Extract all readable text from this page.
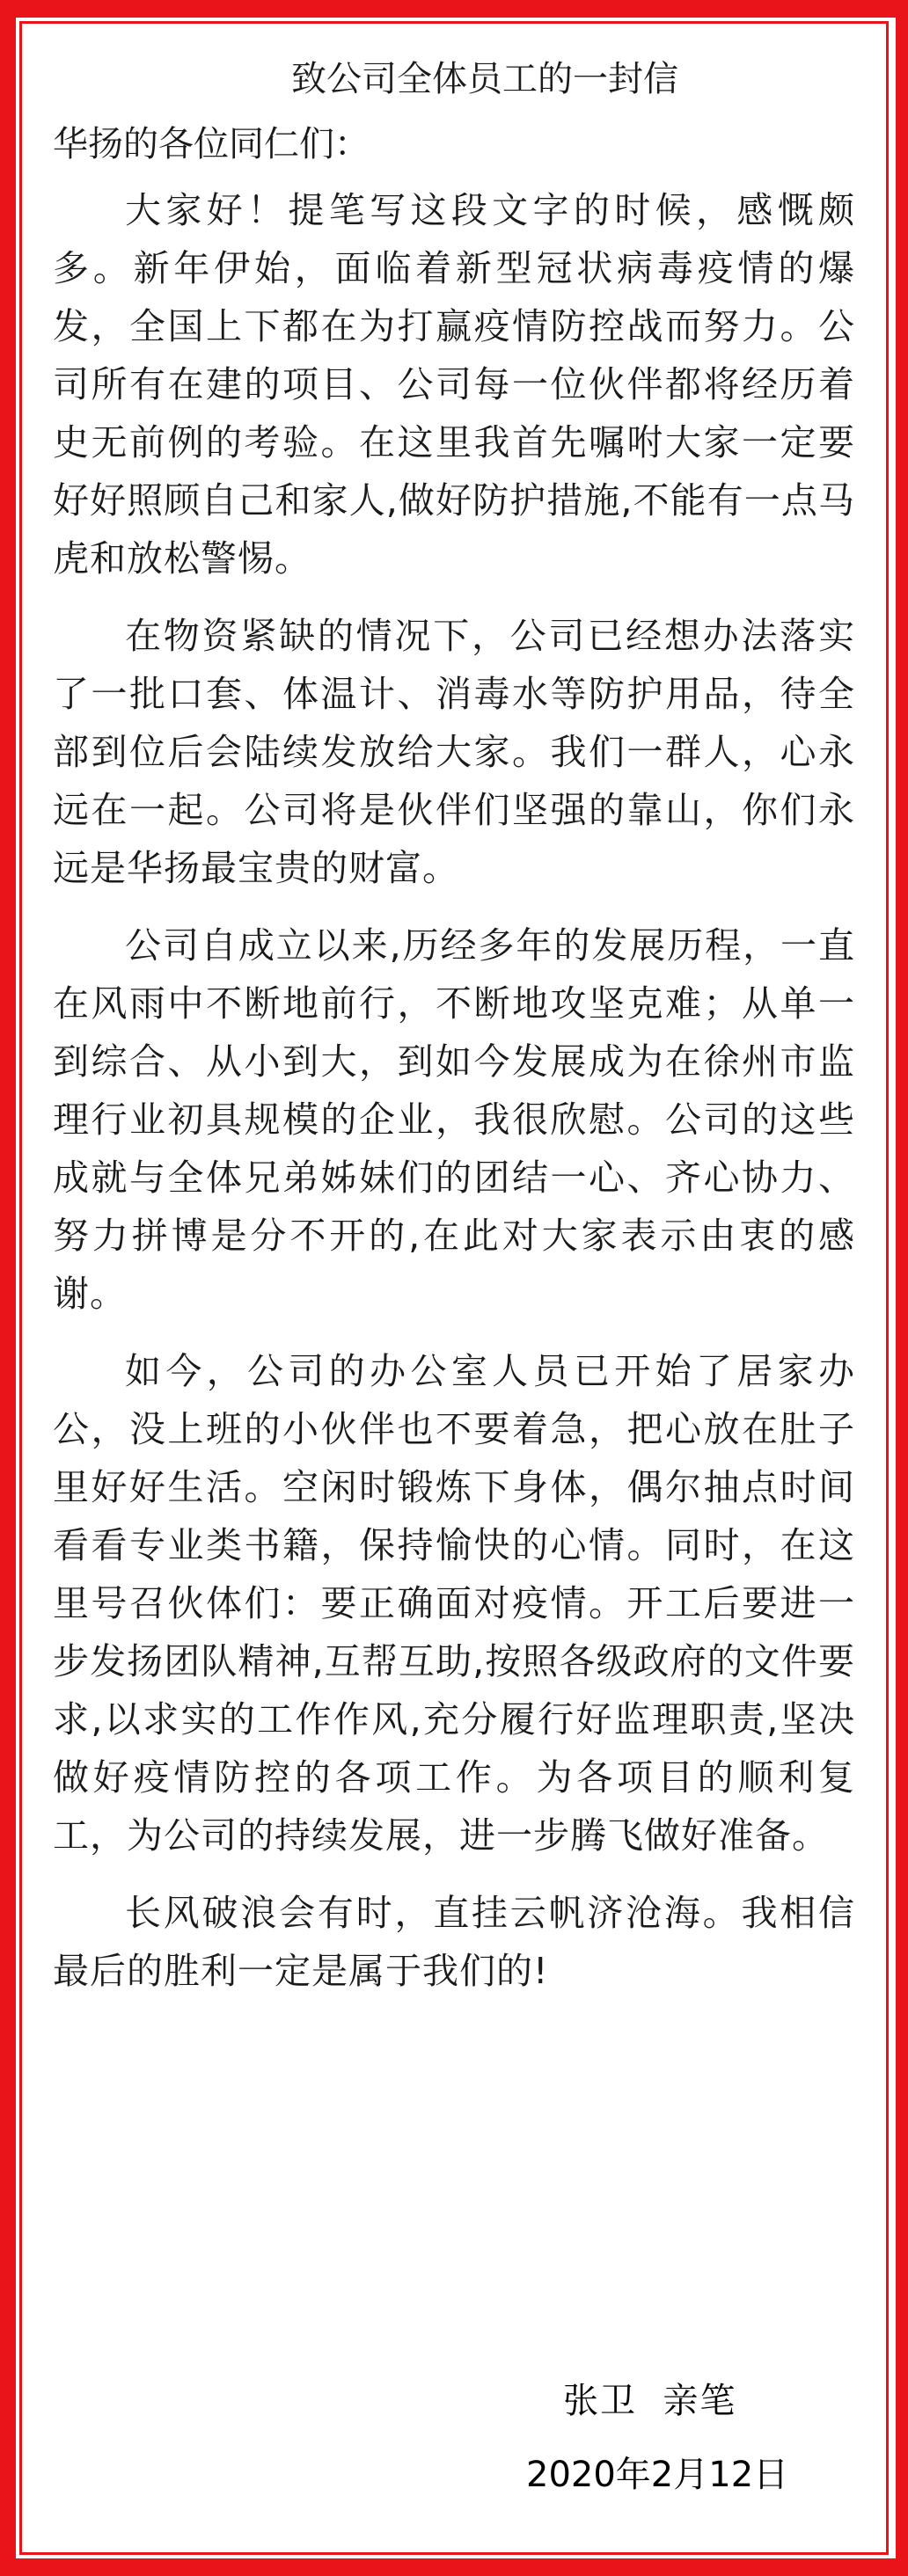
致公司全体员工的一封信
华扬的各位同仁们：

大家好！提笔写这段文字的时候，感慨颇多。新年伊始，面临着新型冠状病毒疫情的爆发，全国上下都在为打赢疫情防控战而努力。公司所有在建的项目、公司每一位伙伴都将经历着史无前例的考验。在这里我首先嘱咐大家一定要好好照顾自己和家人,做好防护措施,不能有一点马虎和放松警惕。

在物资紧缺的情况下，公司已经想办法落实了一批口套、体温计、消毒水等防护用品，待全部到位后会陆续发放给大家。我们一群人，心永远在一起。公司将是伙伴们坚强的靠山，你们永远是华扬最宝贵的财富。

公司自成立以来,历经多年的发展历程，一直在风雨中不断地前行，不断地攻坚克难；从单一到综合、从小到大，到如今发展成为在徐州市监理行业初具规模的企业，我很欣慰。公司的这些成就与全体兄弟姊妹们的团结一心、齐心协力、努力拼博是分不开的,在此对大家表示由衷的感谢。

如今，公司的办公室人员已开始了居家办公，没上班的小伙伴也不要着急，把心放在肚子里好好生活。空闲时锻炼下身体，偶尔抽点时间看看专业类书籍，保持愉快的心情。同时，在这里号召伙体们：要正确面对疫情。开工后要进一步发扬团队精神,互帮互助,按照各级政府的文件要求,以求实的工作作风,充分履行好监理职责,坚决做好疫情防控的各项工作。为各项目的顺利复工，为公司的持续发展，进一步腾飞做好准备。

长风破浪会有时，直挂云帆济沧海。我相信最后的胜利一定是属于我们的!

张卫  亲笔
2020年2月12日
